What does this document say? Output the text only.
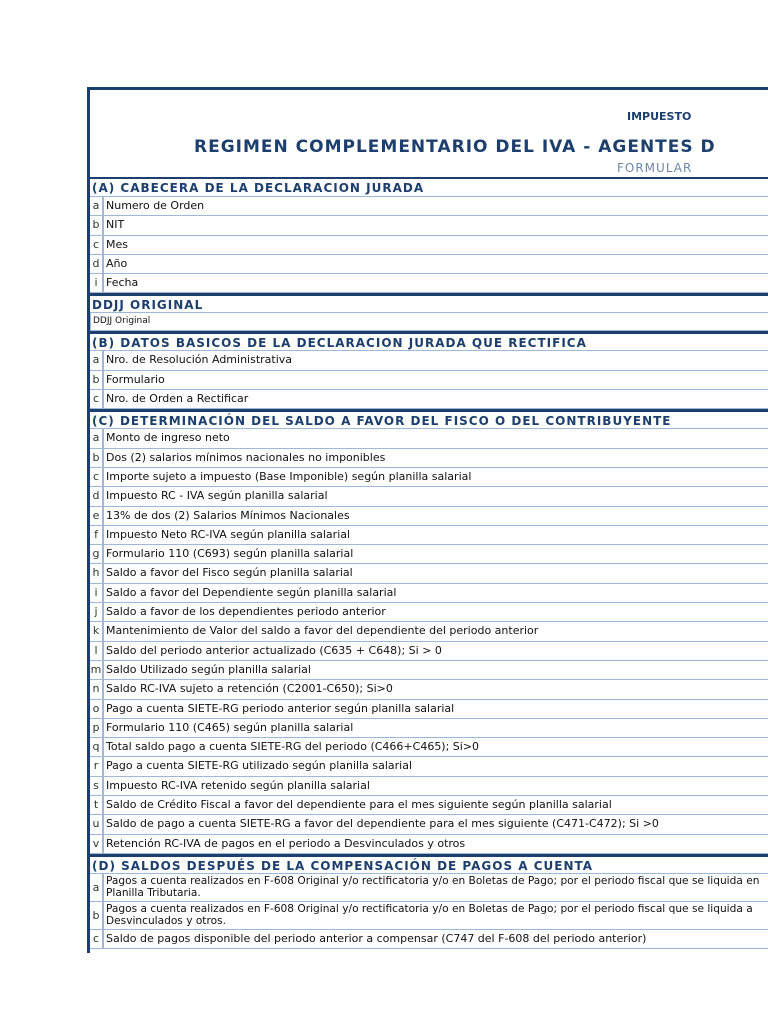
IMPUESTO
REGIMEN COMPLEMENTARIO DEL IVA - AGENTES D
FORMULAR
(A) CABECERA DE LA DECLARACION JURADA
a Numero de Orden
b NIT
c Mes
d Año
i Fecha
DDJJ ORIGINAL
DDJJ Original
(B) DATOS BASICOS DE LA DECLARACION JURADA QUE RECTIFICA
a Nro. de Resolución Administrativa
b Formulario
c Nro. de Orden a Rectificar
(C) DETERMINACIÓN DEL SALDO A FAVOR DEL FISCO O DEL CONTRIBUYENTE
a Monto de ingreso neto
b Dos (2) salarios mínimos nacionales no imponibles
c Importe sujeto a impuesto (Base Imponible) según planilla salarial
d Impuesto RC - IVA según planilla salarial
e 13% de dos (2) Salarios Mínimos Nacionales
f Impuesto Neto RC-IVA según planilla salarial
g Formulario 110 (C693) según planilla salarial
h Saldo a favor del Fisco según planilla salarial
i Saldo a favor del Dependiente según planilla salarial
j Saldo a favor de los dependientes periodo anterior
k Mantenimiento de Valor del saldo a favor del dependiente del periodo anterior
l Saldo del periodo anterior actualizado (C635 + C648); Si > 0
m Saldo Utilizado según planilla salarial
n Saldo RC-IVA sujeto a retención (C2001-C650); Si>0
o Pago a cuenta SIETE-RG periodo anterior según planilla salarial
p Formulario 110 (C465) según planilla salarial
q Total saldo pago a cuenta SIETE-RG del periodo (C466+C465); Si>0
r Pago a cuenta SIETE-RG utilizado según planilla salarial
s Impuesto RC-IVA retenido según planilla salarial
t Saldo de Crédito Fiscal a favor del dependiente para el mes siguiente según planilla salarial
u Saldo de pago a cuenta SIETE-RG a favor del dependiente para el mes siguiente (C471-C472); Si >0
v Retención RC-IVA de pagos en el periodo a Desvinculados y otros
(D) SALDOS DESPUÉS DE LA COMPENSACIÓN DE PAGOS A CUENTA
a Pagos a cuenta realizados en F-608 Original y/o rectificatoria y/o en Boletas de Pago; por el periodo fiscal que se liquida en Planilla Tributaria.
b Pagos a cuenta realizados en F-608 Original y/o rectificatoria y/o en Boletas de Pago; por el periodo fiscal que se liquida a Desvinculados y otros.
c Saldo de pagos disponible del periodo anterior a compensar (C747 del F-608 del periodo anterior)
